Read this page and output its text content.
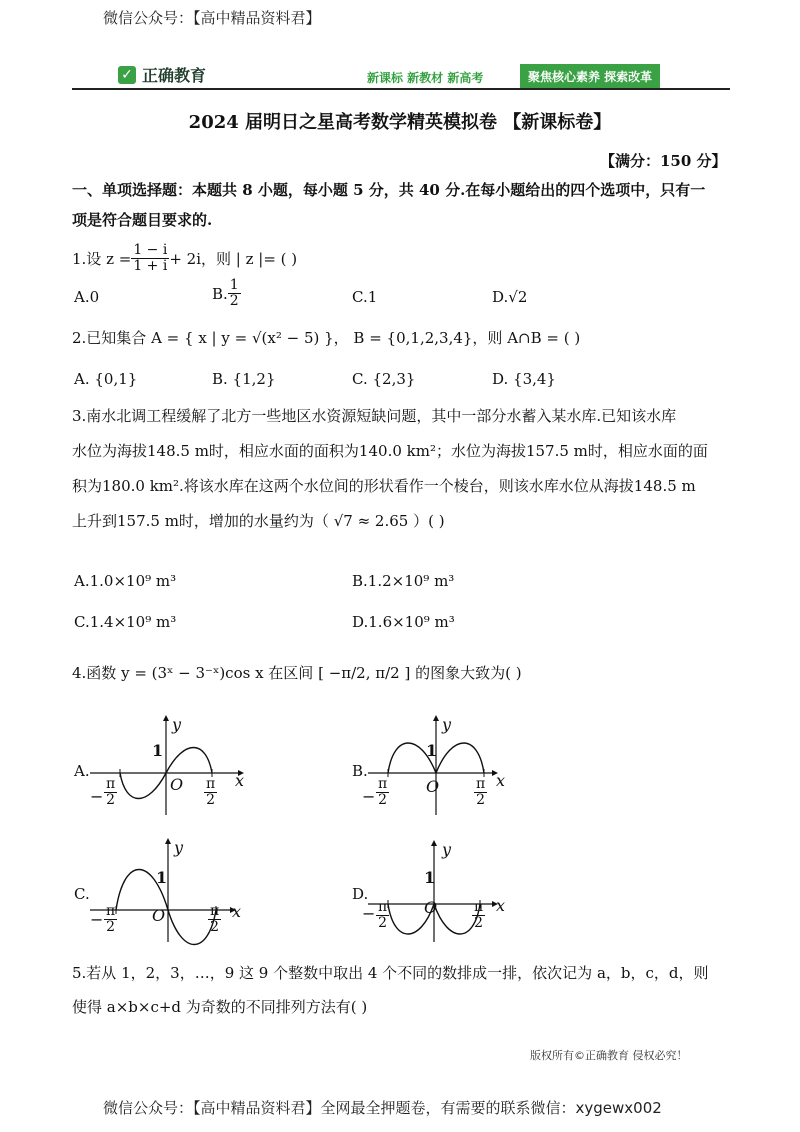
微信公众号：【高中精品资料君】
✓ 正确教育	新课标 新教材 新高考	聚焦核心素养 探索改革
2024 届明日之星高考数学精英模拟卷 【新课标卷】
【满分：150 分】
一、单项选择题：本题共 8 小题，每小题 5 分，共 40 分.在每小题给出的四个选项中，只有一
项是符合题目要求的.
1.设 $z = \frac{1 - i}{1 + i} + 2i$，则 | z |= ( )
A.0	B. $\frac{1}{2}$	C.1	D.√2
2.已知集合 A = { x | y = √(x² − 5) }， B = {0,1,2,3,4}，则 A∩B = ( )
A. {0,1}	B. {1,2}	C. {2,3}	D. {3,4}
3.南水北调工程缓解了北方一些地区水资源短缺问题，其中一部分水蓄入某水库.已知该水库
水位为海拔148.5 m时，相应水面的面积为140.0 km²；水位为海拔157.5 m时，相应水面的面
积为180.0 km².将该水库在这两个水位间的形状看作一个棱台，则该水库水位从海拔148.5 m
上升到157.5 m时，增加的水量约为（ √7 ≈ 2.65 ）( )
A.1.0×10⁹ m³	B.1.2×10⁹ m³
C.1.4×10⁹ m³	D.1.6×10⁹ m³
4.函数 y = (3ˣ − 3⁻ˣ)cos x 在区间 [ −π/2, π/2 ] 的图象大致为( )
A.
y
x
O
1
− $\frac{\pi}{2}$	$\frac{\pi}{2}$
B.
y
x
O
1
− $\frac{\pi}{2}$	$\frac{\pi}{2}$
C.
y
x
O
1
− $\frac{\pi}{2}$	$\frac{\pi}{2}$
D.
y
x
O
1
− $\frac{\pi}{2}$	$\frac{\pi}{2}$
5.若从 1，2，3，…，9 这 9 个整数中取出 4 个不同的数排成一排，依次记为 a，b，c，d，则
使得 a×b×c+d 为奇数的不同排列方法有( )
版权所有©正确教育 侵权必究！
微信公众号：【高中精品资料君】全网最全押题卷，有需要的联系微信：xygewx002
